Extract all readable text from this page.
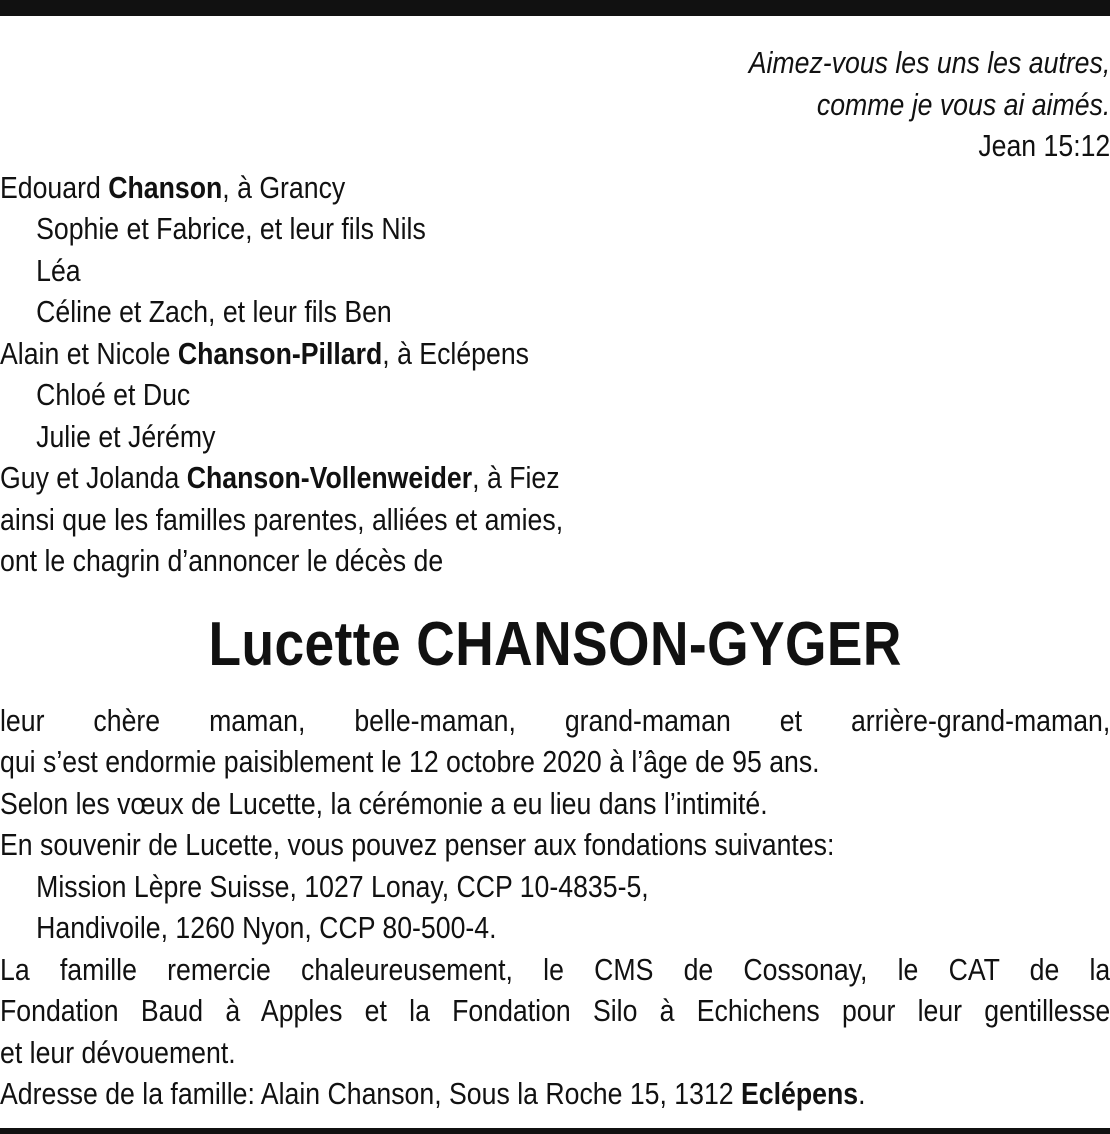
Aimez-vous les uns les autres,
comme je vous ai aimés.
Jean 15:12
Edouard Chanson, à Grancy
Sophie et Fabrice, et leur fils Nils
Léa
Céline et Zach, et leur fils Ben
Alain et Nicole Chanson-Pillard, à Eclépens
Chloé et Duc
Julie et Jérémy
Guy et Jolanda Chanson-Vollenweider, à Fiez
ainsi que les familles parentes, alliées et amies,
ont le chagrin d’annoncer le décès de
Lucette CHANSON-GYGER
leur chère maman, belle-maman, grand-maman et arrière-grand-maman,
qui s’est endormie paisiblement le 12 octobre 2020 à l’âge de 95 ans.
Selon les vœux de Lucette, la cérémonie a eu lieu dans l’intimité.
En souvenir de Lucette, vous pouvez penser aux fondations suivantes:
Mission Lèpre Suisse, 1027 Lonay, CCP 10-4835-5,
Handivoile, 1260 Nyon, CCP 80-500-4.
La famille remercie chaleureusement, le CMS de Cossonay, le CAT de la
Fondation Baud à Apples et la Fondation Silo à Echichens pour leur gentillesse
et leur dévouement.
Adresse de la famille: Alain Chanson, Sous la Roche 15, 1312 Eclépens.
